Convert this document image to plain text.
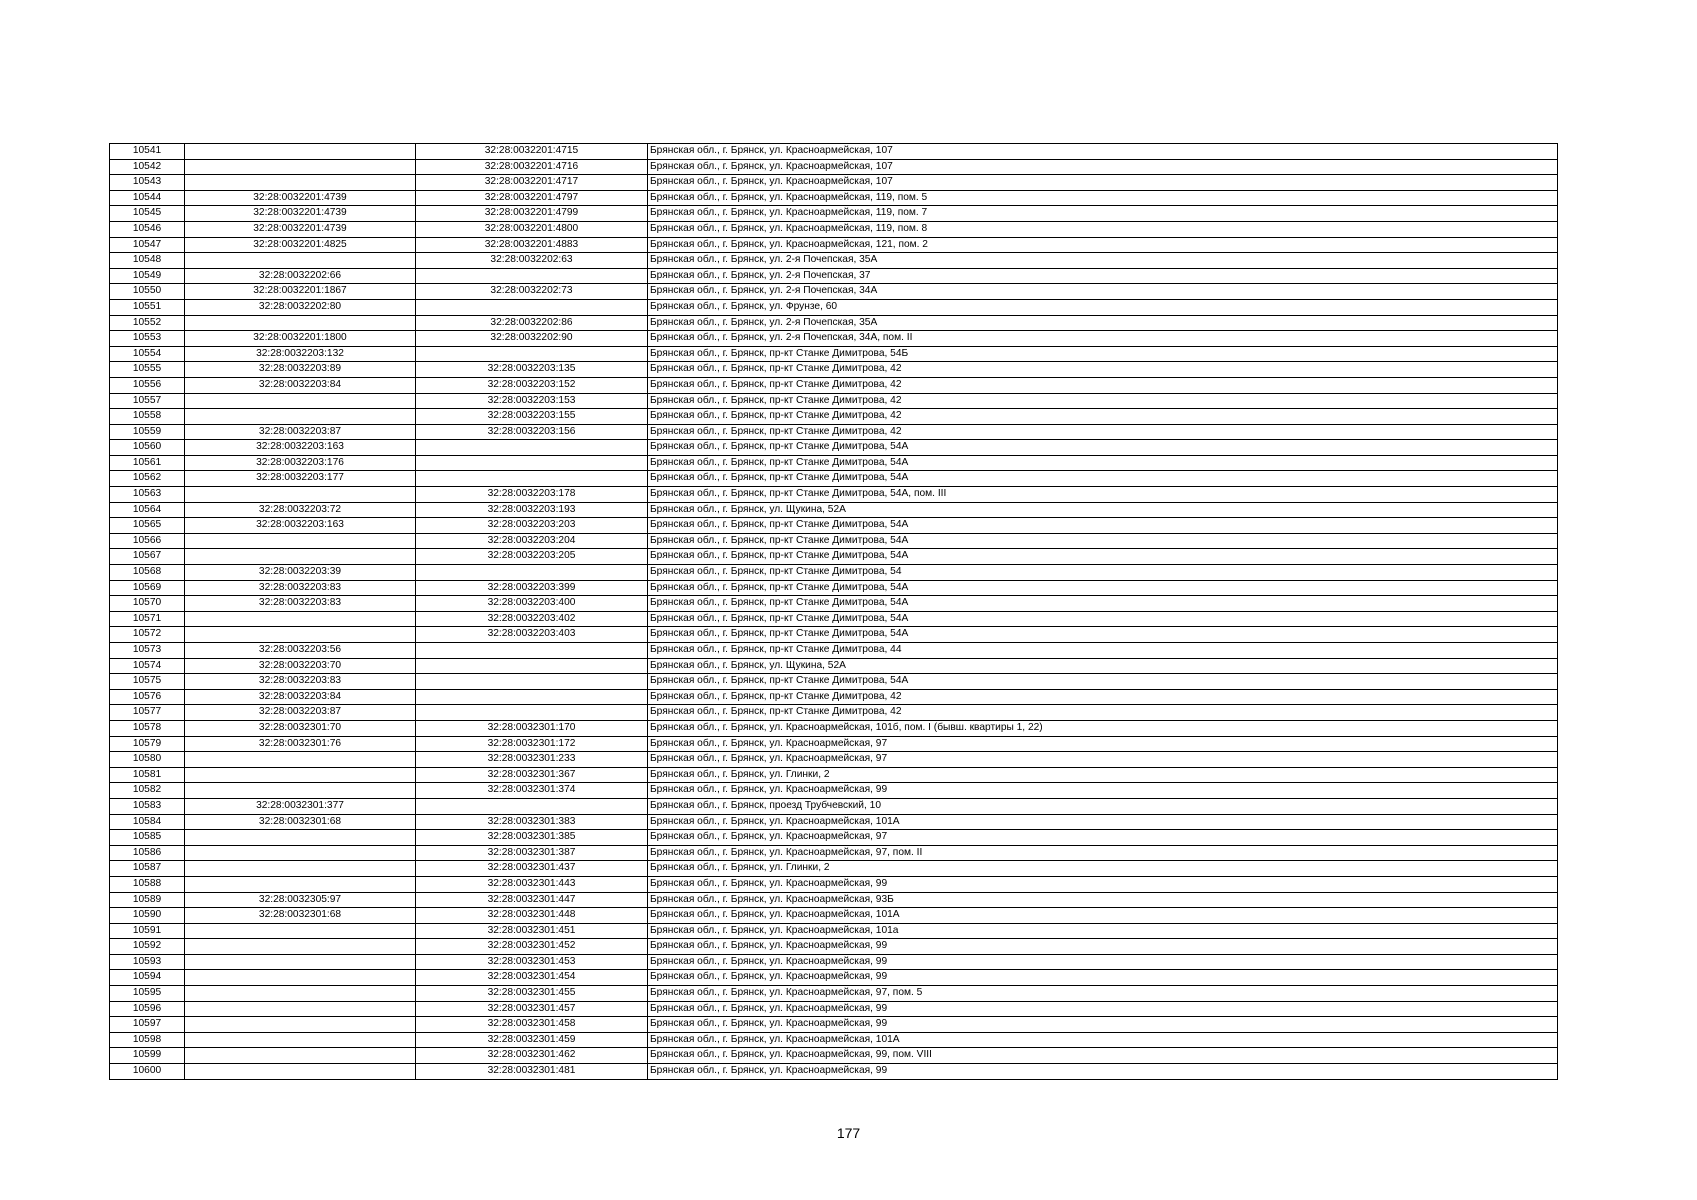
10541		32:28:0032201:4715	Брянская обл., г. Брянск, ул. Красноармейская, 107
10542		32:28:0032201:4716	Брянская обл., г. Брянск, ул. Красноармейская, 107
10543		32:28:0032201:4717	Брянская обл., г. Брянск, ул. Красноармейская, 107
10544	32:28:0032201:4739	32:28:0032201:4797	Брянская обл., г. Брянск, ул. Красноармейская, 119, пом. 5
10545	32:28:0032201:4739	32:28:0032201:4799	Брянская обл., г. Брянск, ул. Красноармейская, 119, пом. 7
10546	32:28:0032201:4739	32:28:0032201:4800	Брянская обл., г. Брянск, ул. Красноармейская, 119, пом. 8
10547	32:28:0032201:4825	32:28:0032201:4883	Брянская обл., г. Брянск, ул. Красноармейская, 121, пом. 2
10548		32:28:0032202:63	Брянская обл., г. Брянск, ул. 2-я Почепская, 35А
10549	32:28:0032202:66		Брянская обл., г. Брянск, ул. 2-я Почепская, 37
10550	32:28:0032201:1867	32:28:0032202:73	Брянская обл., г. Брянск, ул. 2-я Почепская, 34А
10551	32:28:0032202:80		Брянская обл., г. Брянск, ул. Фрунзе, 60
10552		32:28:0032202:86	Брянская обл., г. Брянск, ул. 2-я Почепская, 35А
10553	32:28:0032201:1800	32:28:0032202:90	Брянская обл., г. Брянск, ул. 2-я Почепская, 34А, пом. II
10554	32:28:0032203:132		Брянская обл., г. Брянск, пр-кт Станке Димитрова, 54Б
10555	32:28:0032203:89	32:28:0032203:135	Брянская обл., г. Брянск, пр-кт Станке Димитрова, 42
10556	32:28:0032203:84	32:28:0032203:152	Брянская обл., г. Брянск, пр-кт Станке Димитрова, 42
10557		32:28:0032203:153	Брянская обл., г. Брянск, пр-кт Станке Димитрова, 42
10558		32:28:0032203:155	Брянская обл., г. Брянск, пр-кт Станке Димитрова, 42
10559	32:28:0032203:87	32:28:0032203:156	Брянская обл., г. Брянск, пр-кт Станке Димитрова, 42
10560	32:28:0032203:163		Брянская обл., г. Брянск, пр-кт Станке Димитрова, 54А
10561	32:28:0032203:176		Брянская обл., г. Брянск, пр-кт Станке Димитрова, 54А
10562	32:28:0032203:177		Брянская обл., г. Брянск, пр-кт Станке Димитрова, 54А
10563		32:28:0032203:178	Брянская обл., г. Брянск, пр-кт Станке Димитрова, 54А, пом. III
10564	32:28:0032203:72	32:28:0032203:193	Брянская обл., г. Брянск, ул. Щукина, 52А
10565	32:28:0032203:163	32:28:0032203:203	Брянская обл., г. Брянск, пр-кт Станке Димитрова, 54А
10566		32:28:0032203:204	Брянская обл., г. Брянск, пр-кт Станке Димитрова, 54А
10567		32:28:0032203:205	Брянская обл., г. Брянск, пр-кт Станке Димитрова, 54А
10568	32:28:0032203:39		Брянская обл., г. Брянск, пр-кт Станке Димитрова, 54
10569	32:28:0032203:83	32:28:0032203:399	Брянская обл., г. Брянск, пр-кт Станке Димитрова, 54А
10570	32:28:0032203:83	32:28:0032203:400	Брянская обл., г. Брянск, пр-кт Станке Димитрова, 54А
10571		32:28:0032203:402	Брянская обл., г. Брянск, пр-кт Станке Димитрова, 54А
10572		32:28:0032203:403	Брянская обл., г. Брянск, пр-кт Станке Димитрова, 54А
10573	32:28:0032203:56		Брянская обл., г. Брянск, пр-кт Станке Димитрова, 44
10574	32:28:0032203:70		Брянская обл., г. Брянск, ул. Щукина, 52А
10575	32:28:0032203:83		Брянская обл., г. Брянск, пр-кт Станке Димитрова, 54А
10576	32:28:0032203:84		Брянская обл., г. Брянск, пр-кт Станке Димитрова, 42
10577	32:28:0032203:87		Брянская обл., г. Брянск, пр-кт Станке Димитрова, 42
10578	32:28:0032301:70	32:28:0032301:170	Брянская обл., г. Брянск, ул. Красноармейская, 101б, пом. I (бывш. квартиры 1, 22)
10579	32:28:0032301:76	32:28:0032301:172	Брянская обл., г. Брянск, ул. Красноармейская, 97
10580		32:28:0032301:233	Брянская обл., г. Брянск, ул. Красноармейская, 97
10581		32:28:0032301:367	Брянская обл., г. Брянск, ул. Глинки, 2
10582		32:28:0032301:374	Брянская обл., г. Брянск, ул. Красноармейская, 99
10583	32:28:0032301:377		Брянская обл., г. Брянск, проезд Трубчевский, 10
10584	32:28:0032301:68	32:28:0032301:383	Брянская обл., г. Брянск, ул. Красноармейская, 101А
10585		32:28:0032301:385	Брянская обл., г. Брянск, ул. Красноармейская, 97
10586		32:28:0032301:387	Брянская обл., г. Брянск, ул. Красноармейская, 97, пом. II
10587		32:28:0032301:437	Брянская обл., г. Брянск, ул. Глинки, 2
10588		32:28:0032301:443	Брянская обл., г. Брянск, ул. Красноармейская, 99
10589	32:28:0032305:97	32:28:0032301:447	Брянская обл., г. Брянск, ул. Красноармейская, 93Б
10590	32:28:0032301:68	32:28:0032301:448	Брянская обл., г. Брянск, ул. Красноармейская, 101А
10591		32:28:0032301:451	Брянская обл., г. Брянск, ул. Красноармейская, 101а
10592		32:28:0032301:452	Брянская обл., г. Брянск, ул. Красноармейская, 99
10593		32:28:0032301:453	Брянская обл., г. Брянск, ул. Красноармейская, 99
10594		32:28:0032301:454	Брянская обл., г. Брянск, ул. Красноармейская, 99
10595		32:28:0032301:455	Брянская обл., г. Брянск, ул. Красноармейская, 97, пом. 5
10596		32:28:0032301:457	Брянская обл., г. Брянск, ул. Красноармейская, 99
10597		32:28:0032301:458	Брянская обл., г. Брянск, ул. Красноармейская, 99
10598		32:28:0032301:459	Брянская обл., г. Брянск, ул. Красноармейская, 101А
10599		32:28:0032301:462	Брянская обл., г. Брянск, ул. Красноармейская, 99, пом. VIII
10600		32:28:0032301:481	Брянская обл., г. Брянск, ул. Красноармейская, 99
177
